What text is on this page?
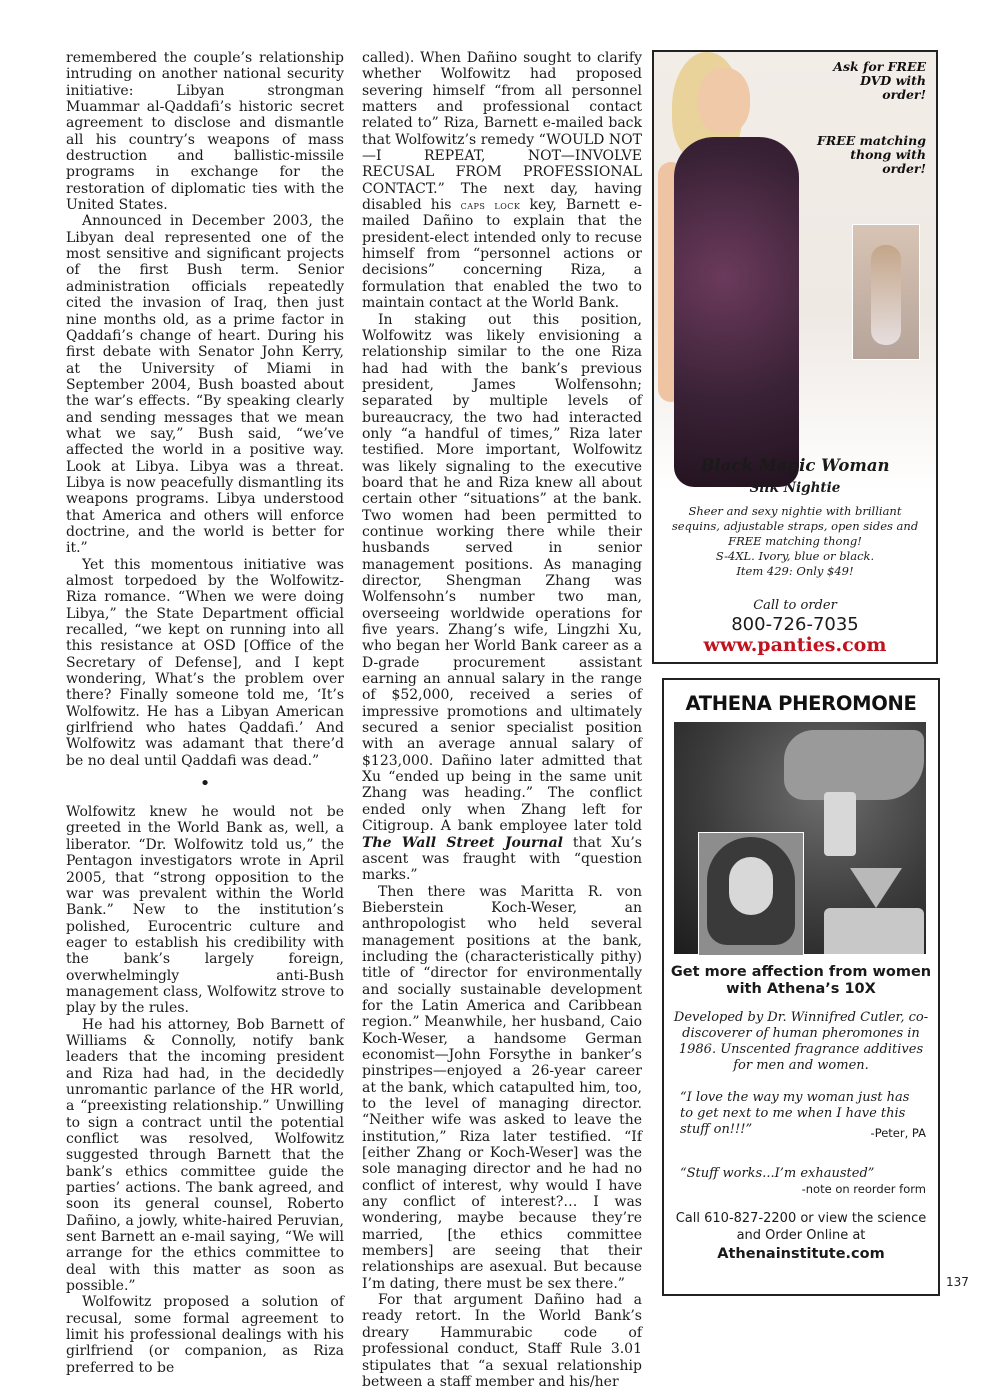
remembered the couple’s relationship intruding on another national security initiative: Libyan strongman Muammar al-Qaddafi’s historic secret agreement to disclose and dismantle all his country’s weapons of mass destruction and ballistic-missile programs in exchange for the restoration of diplomatic ties with the United States.

Announced in December 2003, the Libyan deal represented one of the most sensitive and significant projects of the first Bush term. Senior administration officials repeatedly cited the invasion of Iraq, then just nine months old, as a prime factor in Qaddafi’s change of heart. During his first debate with Senator John Kerry, at the University of Miami in September 2004, Bush boasted about the war’s effects. “By speaking clearly and sending messages that we mean what we say,” Bush said, “we’ve affected the world in a positive way. Look at Libya. Libya was a threat. Libya is now peacefully dismantling its weapons programs. Libya understood that America and others will enforce doctrine, and the world is better for it.”

Yet this momentous initiative was almost torpedoed by the Wolfowitz-Riza romance. “When we were doing Libya,” the State Department official recalled, “we kept on running into all this resistance at OSD [Office of the Secretary of Defense], and I kept wondering, What’s the problem over there? Finally someone told me, ‘It’s Wolfowitz. He has a Libyan American girlfriend who hates Qaddafi.’ And Wolfowitz was adamant that there’d be no deal until Qaddafi was dead.”

•

Wolfowitz knew he would not be greeted in the World Bank as, well, a liberator. “Dr. Wolfowitz told us,” the Pentagon investigators wrote in April 2005, that “strong opposition to the war was prevalent within the World Bank.” New to the institution’s polished, Eurocentric culture and eager to establish his credibility with the bank’s largely foreign, overwhelmingly anti-Bush management class, Wolfowitz strove to play by the rules.

He had his attorney, Bob Barnett of Williams & Connolly, notify bank leaders that the incoming president and Riza had had, in the decidedly unromantic parlance of the HR world, a “preexisting relationship.” Unwilling to sign a contract until the potential conflict was resolved, Wolfowitz suggested through Barnett that the bank’s ethics committee guide the parties’ actions. The bank agreed, and soon its general counsel, Roberto Dañino, a jowly, white-haired Peruvian, sent Barnett an e-mail saying, “We will arrange for the ethics committee to deal with this matter as soon as possible.”

Wolfowitz proposed a solution of recusal, some formal agreement to limit his professional dealings with his girlfriend (or companion, as Riza preferred to be

called). When Dañino sought to clarify whether Wolfowitz had proposed severing himself “from all personnel matters and professional contact related to” Riza, Barnett e-mailed back that Wolfowitz’s remedy “WOULD NOT—I REPEAT, NOT—INVOLVE RECUSAL FROM PROFESSIONAL CONTACT.” The next day, having disabled his caps lock key, Barnett e-mailed Dañino to explain that the president-elect intended only to recuse himself from “personnel actions or decisions” concerning Riza, a formulation that enabled the two to maintain contact at the World Bank.

In staking out this position, Wolfowitz was likely envisioning a relationship similar to the one Riza had had with the bank’s previous president, James Wolfensohn; separated by multiple levels of bureaucracy, the two had interacted only “a handful of times,” Riza later testified. More important, Wolfowitz was likely signaling to the executive board that he and Riza knew all about certain other “situations” at the bank. Two women had been permitted to continue working there while their husbands served in senior management positions. As managing director, Shengman Zhang was Wolfensohn’s number two man, overseeing worldwide operations for five years. Zhang’s wife, Lingzhi Xu, who began her World Bank career as a D-grade procurement assistant earning an annual salary in the range of $52,000, received a series of impressive promotions and ultimately secured a senior specialist position with an average annual salary of $123,000. Dañino later admitted that Xu “ended up being in the same unit Zhang was heading.” The conflict ended only when Zhang left for Citigroup. A bank employee later told The Wall Street Journal that Xu’s ascent was fraught with “question marks.”

Then there was Maritta R. von Bieberstein Koch-Weser, an anthropologist who held several management positions at the bank, including the (characteristically pithy) title of “director for environmentally and socially sustainable development for the Latin America and Caribbean region.” Meanwhile, her husband, Caio Koch-Weser, a handsome German economist—John Forsythe in banker’s pinstripes—enjoyed a 26-year career at the bank, which catapulted him, too, to the level of managing director. “Neither wife was asked to leave the institution,” Riza later testified. “If [either Zhang or Koch-Weser] was the sole managing director and he had no conflict of interest, why would I have any conflict of interest?… I was wondering, maybe because they’re married, [the ethics committee members] are seeing that their relationships are asexual. But because I’m dating, there must be sex there.”

For that argument Dañino had a ready retort. In the World Bank’s dreary Hammurabic code of professional conduct, Staff Rule 3.01 stipulates that “a sexual relationship between a staff member and his/her

Ask for FREE DVD with order!
FREE matching thong with order!
Black Magic Woman
Silk Nightie
Sheer and sexy nightie with brilliant sequins, adjustable straps, open sides and FREE matching thong!
S-4XL. Ivory, blue or black.
Item 429: Only $49!
Call to order
800-726-7035
www.panties.com
ATHENA PHEROMONE
Get more affection from women with Athena’s 10X
Developed by Dr. Winnifred Cutler, co-discoverer of human pheromones in 1986. Unscented fragrance additives for men and women.
“I love the way my woman just has to get next to me when I have this stuff on!!!”	-Peter, PA
“Stuff works...I’m exhausted”
-note on reorder form
Call 610-827-2200 or view the science and Order Online at
Athenainstitute.com
137
